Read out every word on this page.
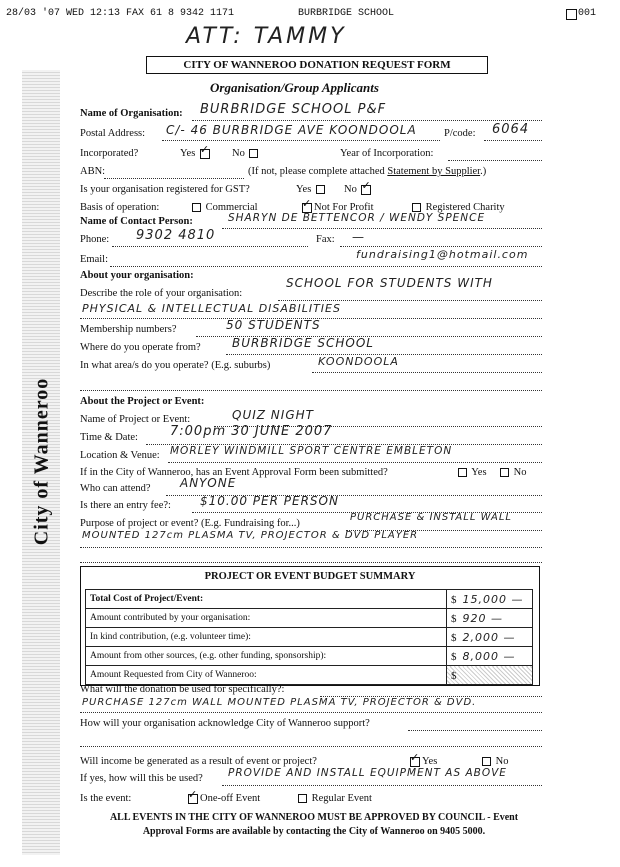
28/03 '07 WED 12:13 FAX 61 8 9342 1171	BURBRIDGE SCHOOL	001
ATT: TAMMY
City of Wanneroo
CITY OF WANNEROO DONATION REQUEST FORM
Organisation/Group Applicants
Name of Organisation: BURBRIDGE SCHOOL P&F
Postal Address: C/- 46 BURBRIDGE AVE KOONDOOLA	P/code: 6064
Incorporated?	Yes ✓	No	Year of Incorporation:
ABN:	(If not, please complete attached Statement by Supplier.)
Is your organisation registered for GST?	Yes	No ✓
Basis of operation:	Commercial ✓	Not For Profit	Registered Charity
Name of Contact Person:	SHARYN DE BETTENCOR / WENDY SPENCE
Phone: 9302 4810	Fax: —
Email:	fundraising1@hotmail.com
About your organisation:
Describe the role of your organisation:
SCHOOL FOR STUDENTS WITH
PHYSICAL & INTELLECTUAL DISABILITIES
Membership numbers?	50 STUDENTS
Where do you operate from?	BURBRIDGE SCHOOL
In what area/s do you operate? (E.g. suburbs)	KOONDOOLA
About the Project or Event:
Name of Project or Event:	QUIZ NIGHT
Time & Date: 7:00pm 30 JUNE 2007
Location & Venue: MORLEY WINDMILL SPORT CENTRE EMBLETON
If in the City of Wanneroo, has an Event Approval Form been submitted?	Yes	No
Who can attend? ANYONE
Is there an entry fee?: $10.00 PER PERSON
Purpose of project or event? (E.g. Fundraising for...)
PURCHASE & INSTALL WALL
MOUNTED 127cm PLASMA TV, PROJECTOR & DVD PLAYER
PROJECT OR EVENT BUDGET SUMMARY
Total Cost of Project/Event:	$ 15,000 —
Amount contributed by your organisation:	$ 920 —
In kind contribution, (e.g. volunteer time):	$ 2,000 —
Amount from other sources, (e.g. other funding, sponsorship):	$ 8,000 —
Amount Requested from City of Wanneroo:	$
What will the donation be used for specifically?:
PURCHASE 127cm WALL MOUNTED PLASMA TV, PROJECTOR & DVD.
How will your organisation acknowledge City of Wanneroo support?
Will income be generated as a result of event or project? ✓	Yes	No
If yes, how will this be used? PROVIDE AND INSTALL EQUIPMENT AS ABOVE
Is the event: ✓	One-off Event	Regular Event
ALL EVENTS IN THE CITY OF WANNEROO MUST BE APPROVED BY COUNCIL - Event
Approval Forms are available by contacting the City of Wanneroo on 9405 5000.
